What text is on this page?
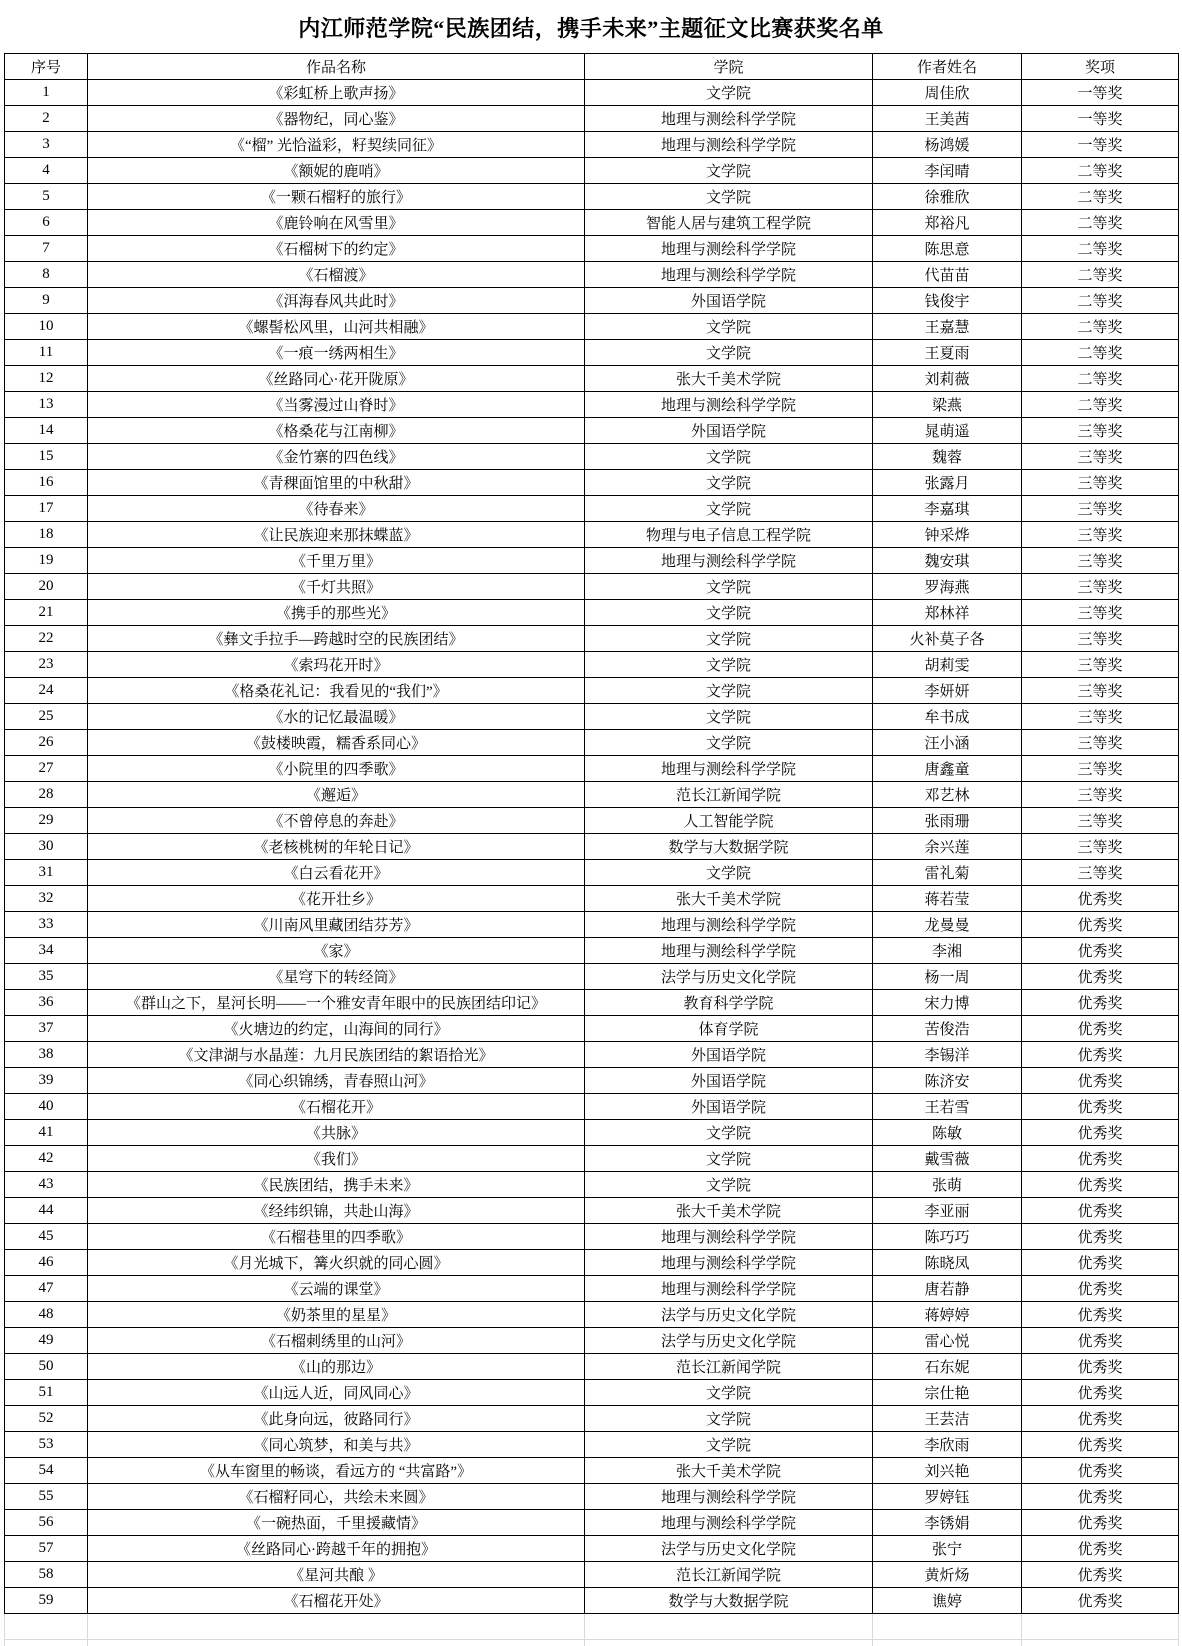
内江师范学院“民族团结，携手未来”主题征文比赛获奖名单
序号	作品名称	学院	作者姓名	奖项
1	《彩虹桥上歌声扬》	文学院	周佳欣	一等奖
2	《器物纪，同心鉴》	地理与测绘科学学院	王美茜	一等奖
3	《“榴” 光恰溢彩，籽契续同征》	地理与测绘科学学院	杨鸿媛	一等奖
4	《额妮的鹿哨》	文学院	李闰晴	二等奖
5	《一颗石榴籽的旅行》	文学院	徐雅欣	二等奖
6	《鹿铃响在风雪里》	智能人居与建筑工程学院	郑裕凡	二等奖
7	《石榴树下的约定》	地理与测绘科学学院	陈思意	二等奖
8	《石榴渡》	地理与测绘科学学院	代苗苗	二等奖
9	《洱海春风共此时》	外国语学院	钱俊宇	二等奖
10	《螺髻松风里，山河共相融》	文学院	王嘉慧	二等奖
11	《一痕一绣两相生》	文学院	王夏雨	二等奖
12	《丝路同心·花开陇原》	张大千美术学院	刘莉薇	二等奖
13	《当雾漫过山脊时》	地理与测绘科学学院	梁燕	二等奖
14	《格桑花与江南柳》	外国语学院	晁萌遥	三等奖
15	《金竹寨的四色线》	文学院	魏蓉	三等奖
16	《青稞面馆里的中秋甜》	文学院	张露月	三等奖
17	《待春来》	文学院	李嘉琪	三等奖
18	《让民族迎来那抹蝶蓝》	物理与电子信息工程学院	钟采烨	三等奖
19	《千里万里》	地理与测绘科学学院	魏安琪	三等奖
20	《千灯共照》	文学院	罗海燕	三等奖
21	《携手的那些光》	文学院	郑林祥	三等奖
22	《彝文手拉手—跨越时空的民族团结》	文学院	火补莫子各	三等奖
23	《索玛花开时》	文学院	胡莉雯	三等奖
24	《格桑花礼记：我看见的“我们”》	文学院	李妍妍	三等奖
25	《水的记忆最温暖》	文学院	牟书成	三等奖
26	《鼓楼映霞，糯香系同心》	文学院	汪小涵	三等奖
27	《小院里的四季歌》	地理与测绘科学学院	唐鑫童	三等奖
28	《邂逅》	范长江新闻学院	邓艺林	三等奖
29	《不曾停息的奔赴》	人工智能学院	张雨珊	三等奖
30	《老核桃树的年轮日记》	数学与大数据学院	余兴莲	三等奖
31	《白云看花开》	文学院	雷礼菊	三等奖
32	《花开壮乡》	张大千美术学院	蒋若莹	优秀奖
33	《川南风里藏团结芬芳》	地理与测绘科学学院	龙曼曼	优秀奖
34	《家》	地理与测绘科学学院	李湘	优秀奖
35	《星穹下的转经筒》	法学与历史文化学院	杨一周	优秀奖
36	《群山之下，星河长明——一个雅安青年眼中的民族团结印记》	教育科学学院	宋力博	优秀奖
37	《火塘边的约定，山海间的同行》	体育学院	苦俊浩	优秀奖
38	《文津湖与水晶莲：九月民族团结的絮语拾光》	外国语学院	李锡洋	优秀奖
39	《同心织锦绣，青春照山河》	外国语学院	陈济安	优秀奖
40	《石榴花开》	外国语学院	王若雪	优秀奖
41	《共脉》	文学院	陈敏	优秀奖
42	《我们》	文学院	戴雪薇	优秀奖
43	《民族团结，携手未来》	文学院	张萌	优秀奖
44	《经纬织锦，共赴山海》	张大千美术学院	李亚丽	优秀奖
45	《石榴巷里的四季歌》	地理与测绘科学学院	陈巧巧	优秀奖
46	《月光城下，篝火织就的同心圆》	地理与测绘科学学院	陈晓凤	优秀奖
47	《云端的课堂》	地理与测绘科学学院	唐若静	优秀奖
48	《奶茶里的星星》	法学与历史文化学院	蒋婷婷	优秀奖
49	《石榴刺绣里的山河》	法学与历史文化学院	雷心悦	优秀奖
50	《山的那边》	范长江新闻学院	石东妮	优秀奖
51	《山远人近，同风同心》	文学院	宗仕艳	优秀奖
52	《此身向远，彼路同行》	文学院	王芸洁	优秀奖
53	《同心筑梦，和美与共》	文学院	李欣雨	优秀奖
54	《从车窗里的畅谈，看远方的 “共富路”》	张大千美术学院	刘兴艳	优秀奖
55	《石榴籽同心，共绘未来圆》	地理与测绘科学学院	罗婷钰	优秀奖
56	《一碗热面，千里援藏情》	地理与测绘科学学院	李锈娟	优秀奖
57	《丝路同心·跨越千年的拥抱》	法学与历史文化学院	张宁	优秀奖
58	《星河共酿 》	范长江新闻学院	黄炘炀	优秀奖
59	《石榴花开处》	数学与大数据学院	谯婷	优秀奖
